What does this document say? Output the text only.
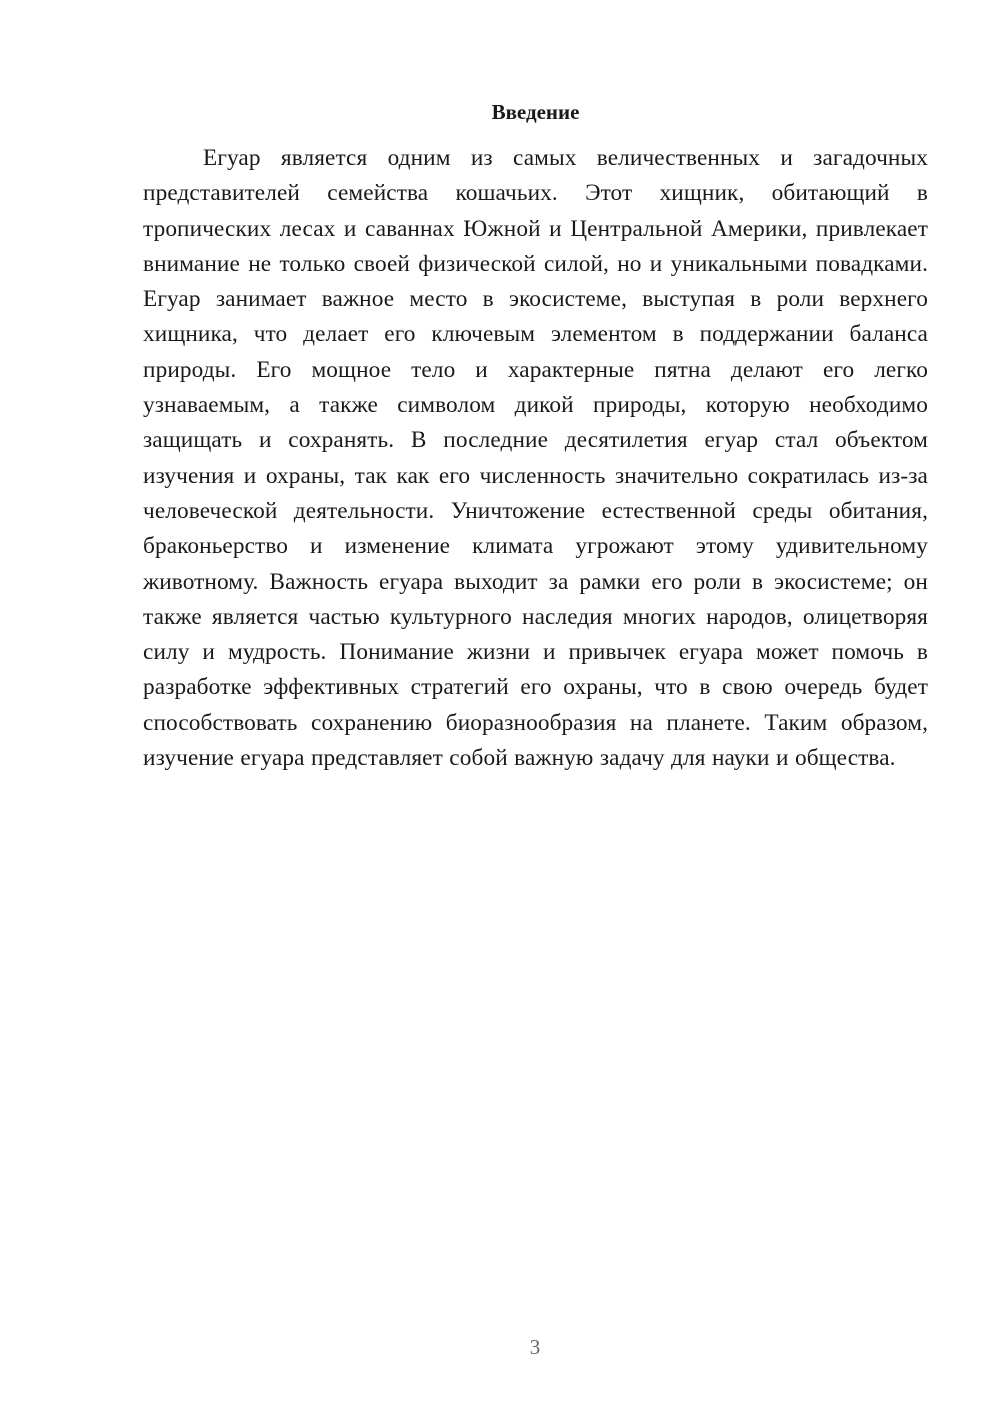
Введение

Егуар является одним из самых величественных и загадочных представителей семейства кошачьих. Этот хищник, обитающий в тропических лесах и саваннах Южной и Центральной Америки, привлекает внимание не только своей физической силой, но и уникальными повадками. Егуар занимает важное место в экосистеме, выступая в роли верхнего хищника, что делает его ключевым элементом в поддержании баланса природы. Его мощное тело и характерные пятна делают его легко узнаваемым, а также символом дикой природы, которую необходимо защищать и сохранять. В последние десятилетия егуар стал объектом изучения и охраны, так как его численность значительно сократилась из-за человеческой деятельности. Уничтожение естественной среды обитания, браконьерство и изменение климата угрожают этому удивительному животному. Важность егуара выходит за рамки его роли в экосистеме; он также является частью культурного наследия многих народов, олицетворяя силу и мудрость. Понимание жизни и привычек егуара может помочь в разработке эффективных стратегий его охраны, что в свою очередь будет способствовать сохранению биоразнообразия на планете. Таким образом, изучение егуара представляет собой важную задачу для науки и общества.

3
